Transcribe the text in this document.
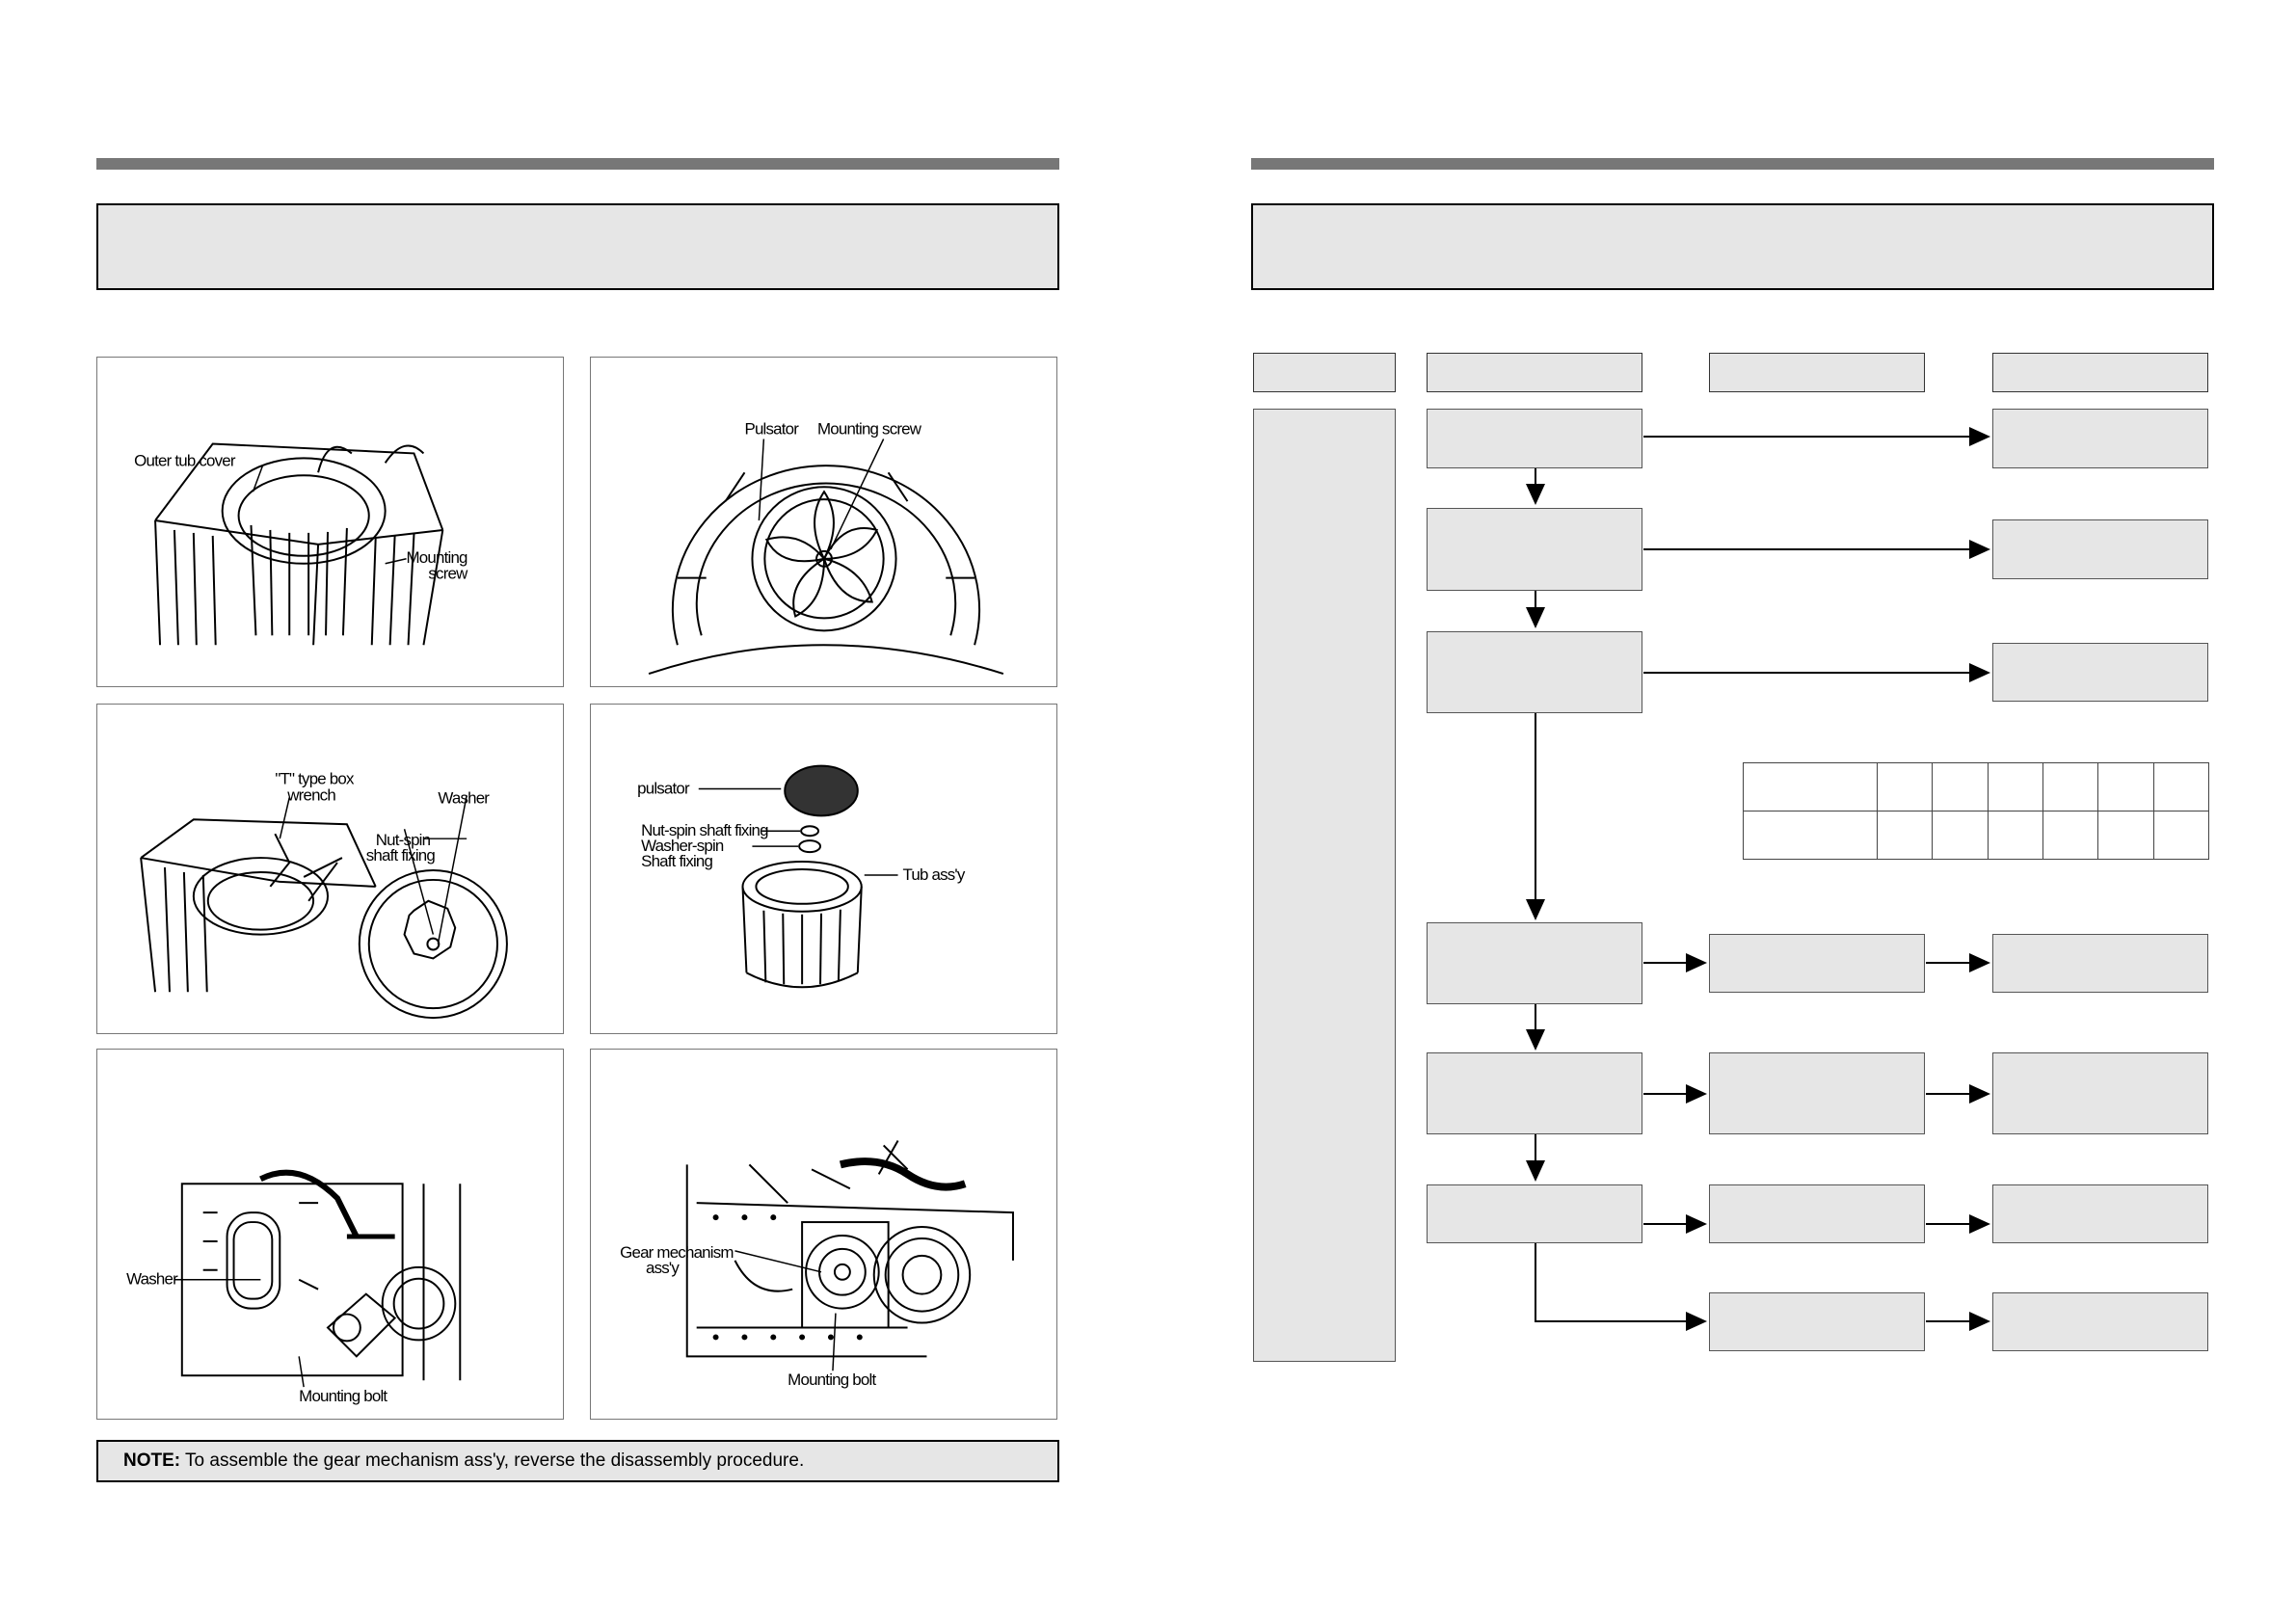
Outer tub cover
Mounting
screw
Pulsator Mounting screw
"T" type box
wrench	Washer
Nut-spin
shaft fixing
pulsator
Nut-spin shaft fixing
Washer-spin
Shaft fixing
Tub ass'y
Washer
Mounting bolt
Gear mechanism
ass'y
Mounting bolt
NOTE: To assemble the gear mechanism ass'y, reverse the disassembly procedure.
